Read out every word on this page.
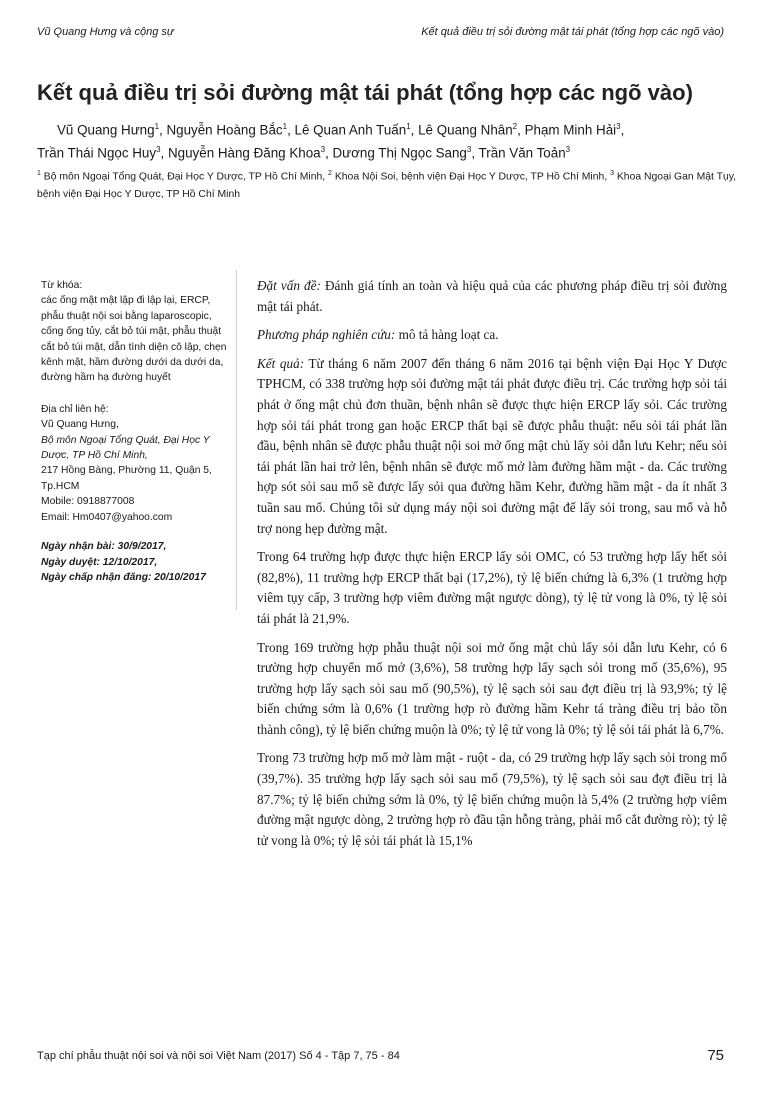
Vũ Quang Hưng và cộng sự	Kết quả điều trị sỏi đường mật tái phát (tổng hợp các ngõ vào)
Kết quả điều trị sỏi đường mật tái phát (tổng hợp các ngõ vào)
Vũ Quang Hưng$^1$, Nguyễn Hoàng Bắc$^1$, Lê Quan Anh Tuấn$^1$, Lê Quang Nhân$^2$, Phạm Minh Hải$^3$,
Trần Thái Ngọc Huy$^3$, Nguyễn Hàng Đăng Khoa$^3$, Dương Thị Ngọc Sang$^3$, Trần Văn Toản$^3$
$^1$ Bộ môn Ngoại Tổng Quát, Đại Học Y Dược, TP Hồ Chí Minh, $^2$ Khoa Nội Soi, bệnh viện Đại Học Y Dược, TP Hồ Chí Minh, $^3$ Khoa Ngoại Gan Mật Tụy, bệnh viện Đại Học Y Dược, TP Hồ Chí Minh
Từ khóa:
các ống mật mật lập đi lập lại, ERCP, phẫu thuật nội soi bằng laparoscopic, cống ống tủy, cắt bỏ túi mật, phẫu thuật cắt bỏ túi mật, dẫn tình diện cô lập, chẹn kênh mật, hầm đường dưới da dưới da, đường hầm hạ đường huyết
Địa chỉ liên hệ:
Vũ Quang Hưng,
Bộ môn Ngoại Tổng Quát, Đại Học Y Dược, TP Hồ Chí Minh,
217 Hồng Bàng, Phường 11, Quận 5, Tp.HCM
Mobile: 0918877008
Email: Hm0407@yahoo.com
Ngày nhận bài: 30/9/2017,
Ngày duyệt: 12/10/2017,
Ngày chấp nhận đăng: 20/10/2017

Đặt vấn đề: Đánh giá tính an toàn và hiệu quả của các phương pháp điều trị sỏi đường mật tái phát.

Phương pháp nghiên cứu: mô tả hàng loạt ca.

Kết quả: Từ tháng 6 năm 2007 đến tháng 6 năm 2016 tại bệnh viện Đại Học Y Dược TPHCM, có 338 trường hợp sỏi đường mật tái phát được điều trị. Các trường hợp sỏi tái phát ở ống mật chủ đơn thuần, bệnh nhân sẽ được thực hiện ERCP lấy sỏi. Các trường hợp sỏi tái phát trong gan hoặc ERCP thất bại sẽ được phẫu thuật: nếu sỏi tái phát lần đầu, bệnh nhân sẽ được phẫu thuật nội soi mở ống mật chủ lấy sỏi dẫn lưu Kehr; nếu sỏi tái phát lần hai trở lên, bệnh nhân sẽ được mổ mở làm đường hầm mật - da. Các trường hợp sót sỏi sau mổ sẽ được lấy sỏi qua đường hầm Kehr, đường hầm mật - da ít nhất 3 tuần sau mổ. Chúng tôi sử dụng máy nội soi đường mật để lấy sỏi trong, sau mổ và hỗ trợ nong hẹp đường mật.

Trong 64 trường hợp được thực hiện ERCP lấy sỏi OMC, có 53 trường hợp lấy hết sỏi (82,8%), 11 trường hợp ERCP thất bại (17,2%), tỷ lệ biến chứng là 6,3% (1 trường hợp viêm tụy cấp, 3 trường hợp viêm đường mật ngược dòng), tỷ lệ tử vong là 0%, tỷ lệ sỏi tái phát là 21,9%.

Trong 169 trường hợp phẫu thuật nội soi mở ống mật chủ lấy sỏi dẫn lưu Kehr, có 6 trường hợp chuyển mổ mở (3,6%), 58 trường hợp lấy sạch sỏi trong mổ (35,6%), 95 trường hợp lấy sạch sỏi sau mổ (90,5%), tỷ lệ sạch sỏi sau đợt điều trị là 93,9%; tỷ lệ biến chứng sớm là 0,6% (1 trường hợp rò đường hầm Kehr tá tràng điều trị bảo tồn thành công), tỷ lệ biến chứng muộn là 0%; tỷ lệ tử vong là 0%; tỷ lệ sỏi tái phát là 6,7%.

Trong 73 trường hợp mổ mở làm mật - ruột - da, có 29 trường hợp lấy sạch sỏi trong mổ (39,7%). 35 trường hợp lấy sạch sỏi sau mổ (79,5%), tỷ lệ sạch sỏi sau đợt điều trị là 87.7%; tỷ lệ biến chứng sớm là 0%, tỷ lệ biến chứng muộn là 5,4% (2 trường hợp viêm đường mật ngược dòng, 2 trường hợp rò đầu tận hỗng tràng, phải mổ cắt đường rò); tỷ lệ tử vong là 0%; tỷ lệ sỏi tái phát là 15,1%

Tạp chí phẫu thuật nội soi và nội soi Việt Nam (2017) Số 4 - Tập 7, 75 - 84	75
